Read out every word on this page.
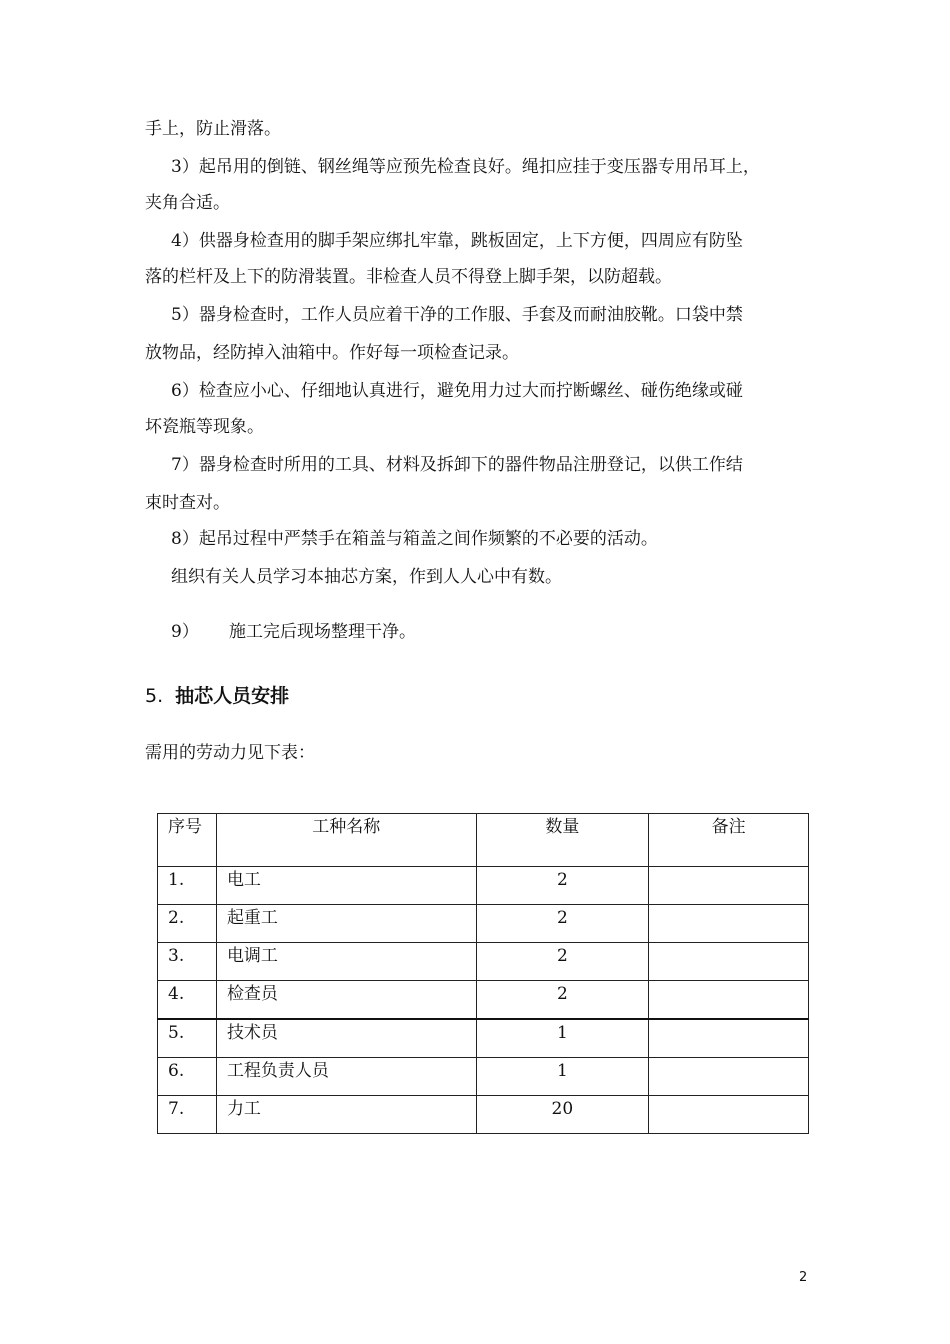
手上，防止滑落。
3）起吊用的倒链、钢丝绳等应预先检查良好。绳扣应挂于变压器专用吊耳上，
夹角合适。
4）供器身检查用的脚手架应绑扎牢靠，跳板固定，上下方便，四周应有防坠
落的栏杆及上下的防滑装置。非检查人员不得登上脚手架，以防超载。
5）器身检查时，工作人员应着干净的工作服、手套及而耐油胶靴。口袋中禁
放物品，经防掉入油箱中。作好每一项检查记录。
6）检查应小心、仔细地认真进行，避免用力过大而拧断螺丝、碰伤绝缘或碰
坏瓷瓶等现象。
7）器身检查时所用的工具、材料及拆卸下的器件物品注册登记，以供工作结
束时查对。
8）起吊过程中严禁手在箱盖与箱盖之间作频繁的不必要的活动。
组织有关人员学习本抽芯方案，作到人人心中有数。
9） 施工完后现场整理干净。
5. 抽芯人员安排
需用的劳动力见下表：
序号	工种名称	数量	备注
1.	电工	2	
2.	起重工	2	
3.	电调工	2	
4.	检查员	2	
5.	技术员	1	
6.	工程负责人员	1	
7.	力工	20	
2
